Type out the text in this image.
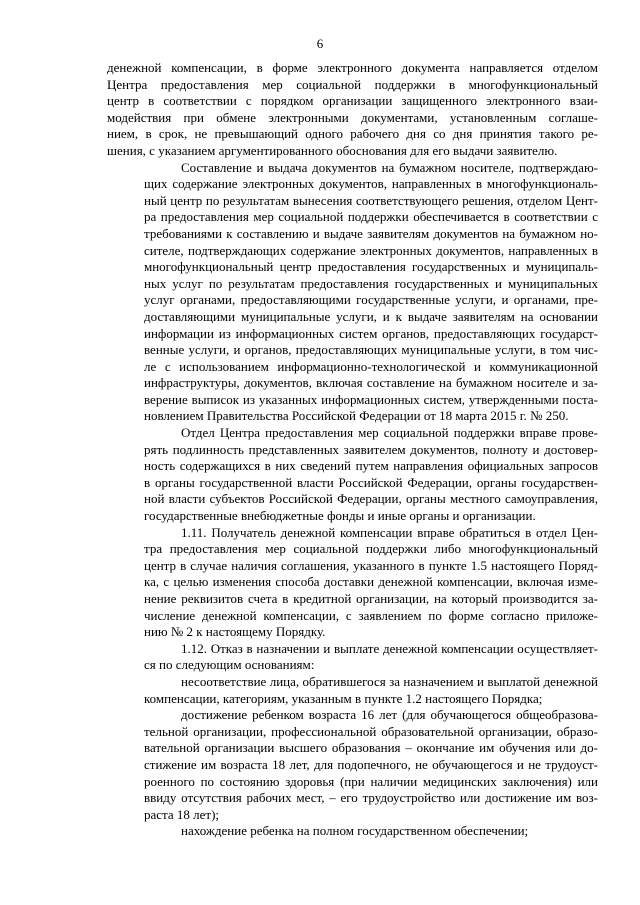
6
денежной компенсации, в форме электронного документа направляется отделом
Центра предоставления мер социальной поддержки в многофункциональный
центр в соответствии с порядком организации защищенного электронного взаи-
модействия при обмене электронными документами, установленным соглаше-
нием, в срок, не превышающий одного рабочего дня со дня принятия такого ре-
шения, с указанием аргументированного обоснования для его выдачи заявителю.
Составление и выдача документов на бумажном носителе, подтверждаю-
щих содержание электронных документов, направленных в многофункциональ-
ный центр по результатам вынесения соответствующего решения, отделом Цент-
ра предоставления мер социальной поддержки обеспечивается в соответствии с
требованиями к составлению и выдаче заявителям документов на бумажном но-
сителе, подтверждающих содержание электронных документов, направленных в
многофункциональный центр предоставления государственных и муниципаль-
ных услуг по результатам предоставления государственных и муниципальных
услуг органами, предоставляющими государственные услуги, и органами, пре-
доставляющими муниципальные услуги, и к выдаче заявителям на основании
информации из информационных систем органов, предоставляющих государст-
венные услуги, и органов, предоставляющих муниципальные услуги, в том чис-
ле с использованием информационно-технологической и коммуникационной
инфраструктуры, документов, включая составление на бумажном носителе и за-
верение выписок из указанных информационных систем, утвержденными поста-
новлением Правительства Российской Федерации от 18 марта 2015 г. № 250.
Отдел Центра предоставления мер социальной поддержки вправе прове-
рять подлинность представленных заявителем документов, полноту и достовер-
ность содержащихся в них сведений путем направления официальных запросов
в органы государственной власти Российской Федерации, органы государствен-
ной власти субъектов Российской Федерации, органы местного самоуправления,
государственные внебюджетные фонды и иные органы и организации.
1.11. Получатель денежной компенсации вправе обратиться в отдел Цен-
тра предоставления мер социальной поддержки либо многофункциональный
центр в случае наличия соглашения, указанного в пункте 1.5 настоящего Поряд-
ка, с целью изменения способа доставки денежной компенсации, включая изме-
нение реквизитов счета в кредитной организации, на который производится за-
числение денежной компенсации, с заявлением по форме согласно приложе-
нию № 2 к настоящему Порядку.
1.12. Отказ в назначении и выплате денежной компенсации осуществляет-
ся по следующим основаниям:
несоответствие лица, обратившегося за назначением и выплатой денежной
компенсации, категориям, указанным в пункте 1.2 настоящего Порядка;
достижение ребенком возраста 16 лет (для обучающегося общеобразова-
тельной организации, профессиональной образовательной организации, образо-
вательной организации высшего образования – окончание им обучения или до-
стижение им возраста 18 лет, для подопечного, не обучающегося и не трудоуст-
роенного по состоянию здоровья (при наличии медицинских заключения) или
ввиду отсутствия рабочих мест, – его трудоустройство или достижение им воз-
раста 18 лет);
нахождение ребенка на полном государственном обеспечении;
